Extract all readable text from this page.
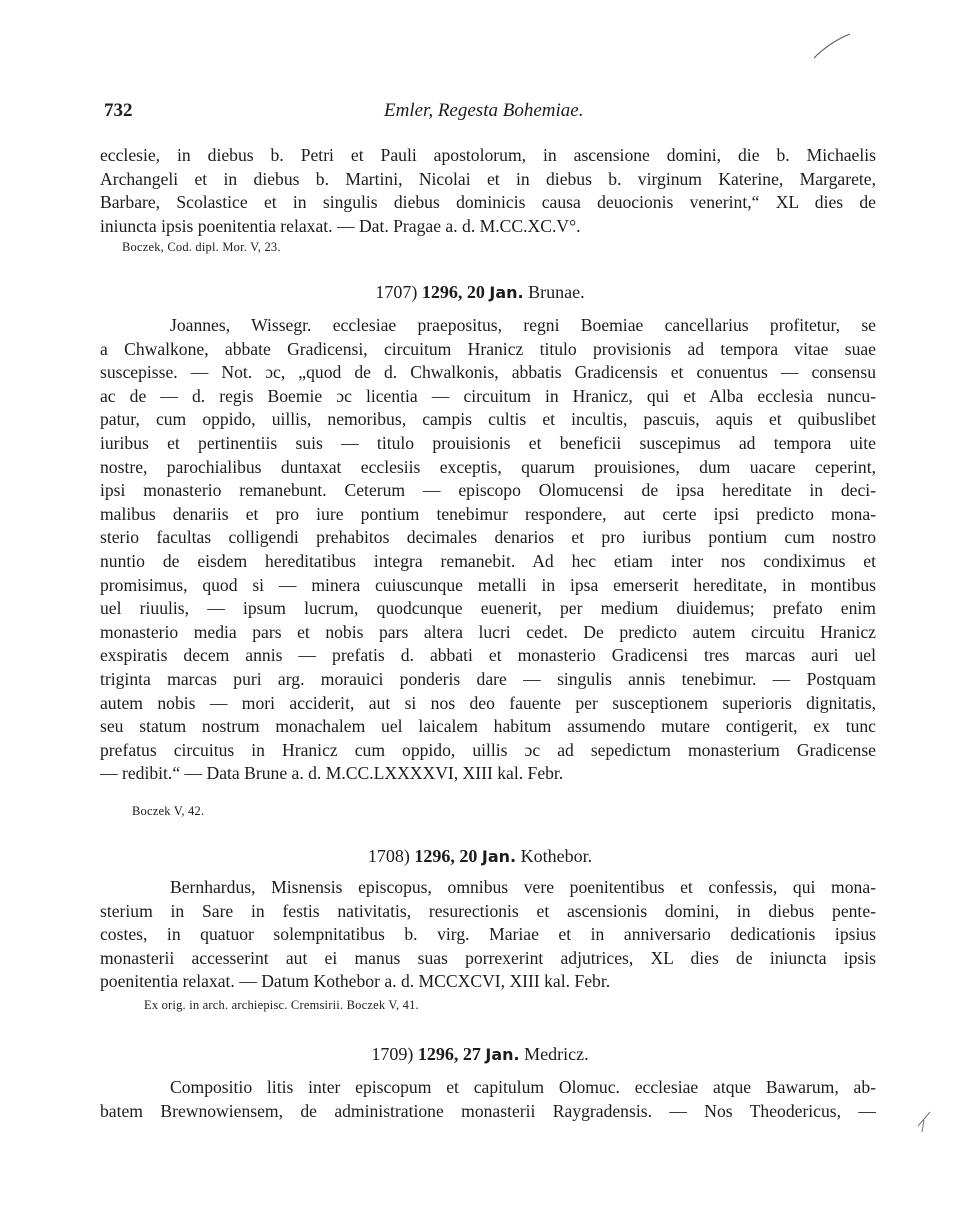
732	Emler, Regesta Bohemiae.
ecclesie, in diebus b. Petri et Pauli apostolorum, in ascensione domini, die b. Michaelis
Archangeli et in diebus b. Martini, Nicolai et in diebus b. virginum Katerine, Margarete,
Barbare, Scolastice et in singulis diebus dominicis causa deuocionis venerint,“ XL dies de
iniuncta ipsis poenitentia relaxat. — Dat. Pragae a. d. M.CC.XC.V°.
Boczek, Cod. dipl. Mor. V, 23.
1707) 1296, 20 Jan. Brunae.
Joannes, Wissegr. ecclesiae praepositus, regni Boemiae cancellarius profitetur, se
a Chwalkone, abbate Gradicensi, circuitum Hranicz titulo provisionis ad tempora vitae suae
suscepisse. — Not. ɔc, „quod de d. Chwalkonis, abbatis Gradicensis et conuentus — consensu
ac de — d. regis Boemie ɔc licentia — circuitum in Hranicz, qui et Alba ecclesia nuncu-
patur, cum oppido, uillis, nemoribus, campis cultis et incultis, pascuis, aquis et quibuslibet
iuribus et pertinentiis suis — titulo prouisionis et beneficii suscepimus ad tempora uite
nostre, parochialibus duntaxat ecclesiis exceptis, quarum prouisiones, dum uacare ceperint,
ipsi monasterio remanebunt. Ceterum — episcopo Olomucensi de ipsa hereditate in deci-
malibus denariis et pro iure pontium tenebimur respondere, aut certe ipsi predicto mona-
sterio facultas colligendi prehabitos decimales denarios et pro iuribus pontium cum nostro
nuntio de eisdem hereditatibus integra remanebit. Ad hec etiam inter nos condiximus et
promisimus, quod si — minera cuiuscunque metalli in ipsa emerserit hereditate, in montibus
uel riuulis, — ipsum lucrum, quodcunque euenerit, per medium diuidemus; prefato enim
monasterio media pars et nobis pars altera lucri cedet. De predicto autem circuitu Hranicz
exspiratis decem annis — prefatis d. abbati et monasterio Gradicensi tres marcas auri uel
triginta marcas puri arg. morauici ponderis dare — singulis annis tenebimur. — Postquam
autem nobis — mori acciderit, aut si nos deo fauente per susceptionem superioris dignitatis,
seu statum nostrum monachalem uel laicalem habitum assumendo mutare contigerit, ex tunc
prefatus circuitus in Hranicz cum oppido, uillis ɔc ad sepedictum monasterium Gradicense
— redibit.“ — Data Brune a. d. M.CC.LXXXXVI, XIII kal. Febr.
Boczek V, 42.
1708) 1296, 20 Jan. Kothebor.
Bernhardus, Misnensis episcopus, omnibus vere poenitentibus et confessis, qui mona-
sterium in Sare in festis nativitatis, resurectionis et ascensionis domini, in diebus pente-
costes, in quatuor solempnitatibus b. virg. Mariae et in anniversario dedicationis ipsius
monasterii accesserint aut ei manus suas porrexerint adjutrices, XL dies de iniuncta ipsis
poenitentia relaxat. — Datum Kothebor a. d. MCCXCVI, XIII kal. Febr.
Ex orig. in arch. archiepisc. Cremsirii. Boczek V, 41.
1709) 1296, 27 Jan. Medricz.
Compositio litis inter episcopum et capitulum Olomuc. ecclesiae atque Bawarum, ab-
batem Brewnowiensem, de administratione monasterii Raygradensis. — Nos Theodericus, —
